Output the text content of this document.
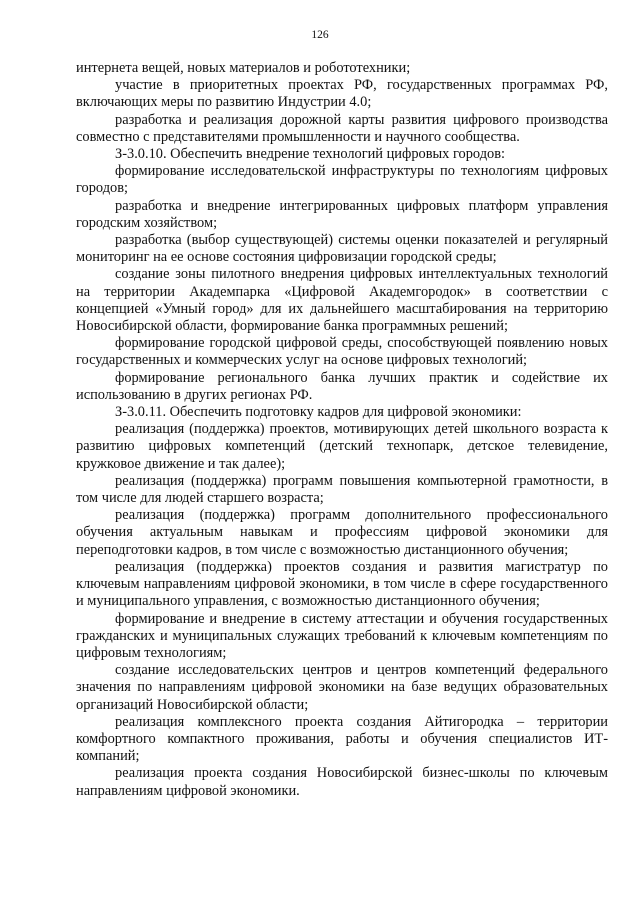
126

интернета вещей, новых материалов и робототехники;

участие в приоритетных проектах РФ, государственных программах РФ, включающих меры по развитию Индустрии 4.0;

разработка и реализация дорожной карты развития цифрового производства совместно с представителями промышленности и научного сообщества.

З-3.0.10. Обеспечить внедрение технологий цифровых городов:

формирование исследовательской инфраструктуры по технологиям цифровых городов;

разработка и внедрение интегрированных цифровых платформ управления городским хозяйством;

разработка (выбор существующей) системы оценки показателей и регулярный мониторинг на ее основе состояния цифровизации городской среды;

создание зоны пилотного внедрения цифровых интеллектуальных технологий на территории Академпарка «Цифровой Академгородок» в соответствии с концепцией «Умный город» для их дальнейшего масштабирования на территорию Новосибирской области, формирование банка программных решений;

формирование городской цифровой среды, способствующей появлению новых государственных и коммерческих услуг на основе цифровых технологий;

формирование регионального банка лучших практик и содействие их использованию в других регионах РФ.

З-3.0.11. Обеспечить подготовку кадров для цифровой экономики:

реализация (поддержка) проектов, мотивирующих детей школьного возраста к развитию цифровых компетенций (детский технопарк, детское телевидение, кружковое движение и так далее);

реализация (поддержка) программ повышения компьютерной грамотности, в том числе для людей старшего возраста;

реализация (поддержка) программ дополнительного профессионального обучения актуальным навыкам и профессиям цифровой экономики для переподготовки кадров, в том числе с возможностью дистанционного обучения;

реализация (поддержка) проектов создания и развития магистратур по ключевым направлениям цифровой экономики, в том числе в сфере государственного и муниципального управления, с возможностью дистанционного обучения;

формирование и внедрение в систему аттестации и обучения государственных гражданских и муниципальных служащих требований к ключевым компетенциям по цифровым технологиям;

создание исследовательских центров и центров компетенций федерального значения по направлениям цифровой экономики на базе ведущих образовательных организаций Новосибирской области;

реализация комплексного проекта создания Айтигородка – территории комфортного компактного проживания, работы и обучения специалистов ИТ-компаний;

реализация проекта создания Новосибирской бизнес-школы по ключевым направлениям цифровой экономики.
